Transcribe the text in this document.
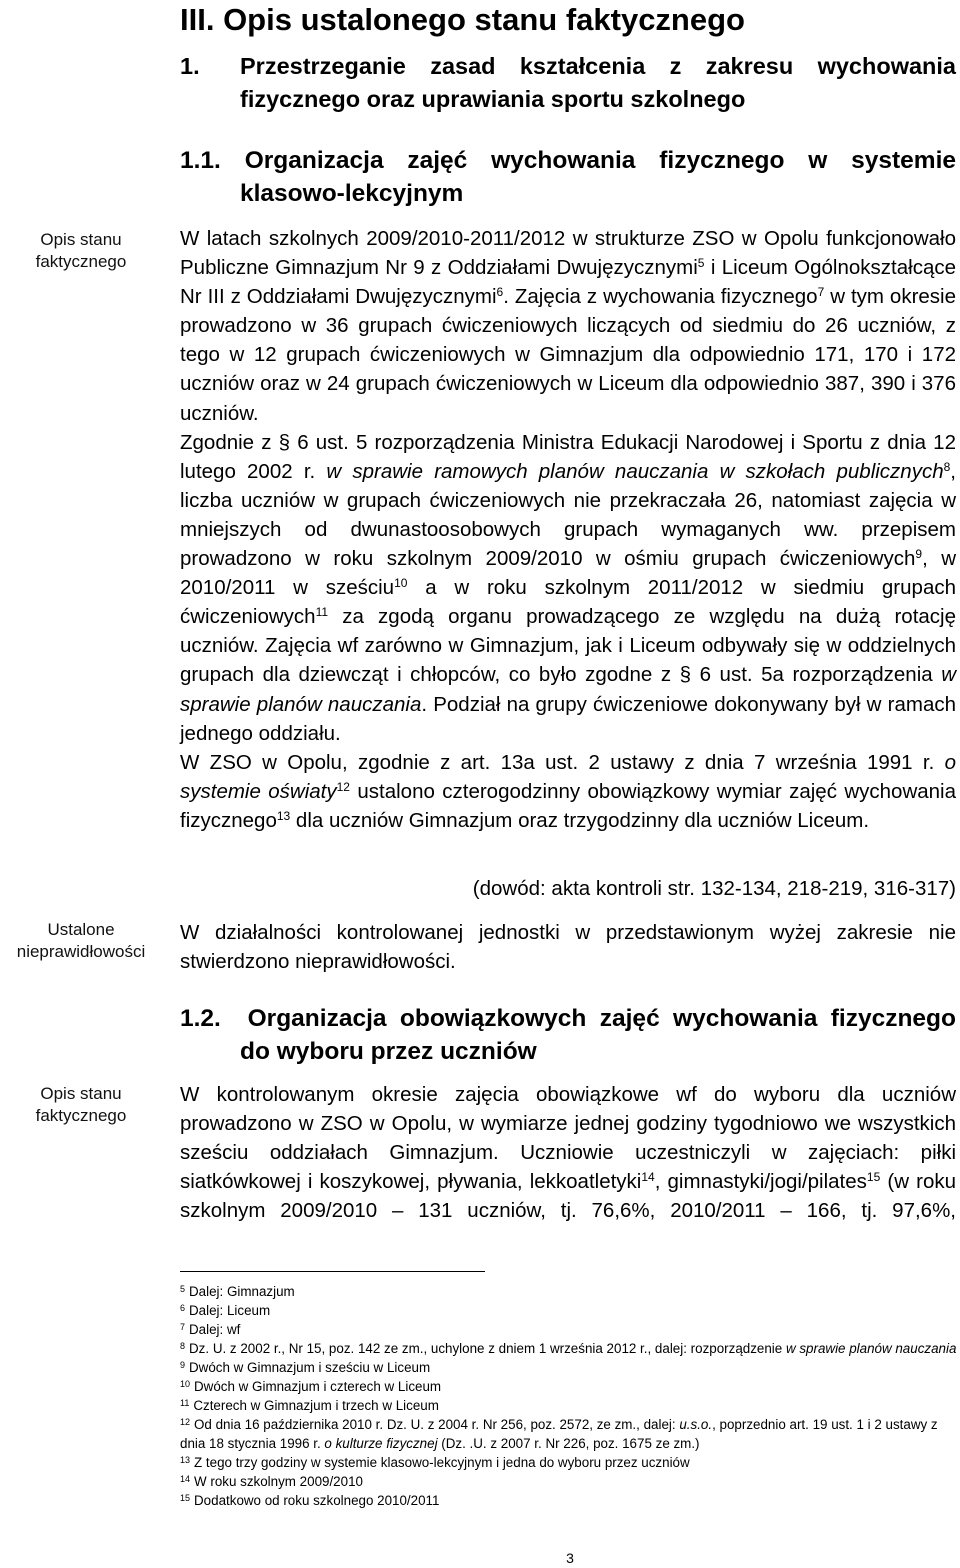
III. Opis ustalonego stanu faktycznego
1. Przestrzeganie zasad kształcenia z zakresu wychowania
fizycznego oraz uprawiania sportu szkolnego
1.1. Organizacja zajęć wychowania fizycznego w systemie
klasowo-lekcyjnym
Opis stanu
faktycznego
Ustalone
nieprawidłowości
Opis stanu
faktycznego

W latach szkolnych 2009/2010-2011/2012 w strukturze ZSO w Opolu funkcjonowało Publiczne Gimnazjum Nr 9 z Oddziałami Dwujęzycznymi$^5$ i Liceum Ogólnokształcące Nr III z Oddziałami Dwujęzycznymi$^6$. Zajęcia z wychowania fizycznego$^7$ w tym okresie prowadzono w 36 grupach ćwiczeniowych liczących od siedmiu do 26 uczniów, z tego w 12 grupach ćwiczeniowych w Gimnazjum dla odpowiednio 171, 170 i 172 uczniów oraz w 24 grupach ćwiczeniowych w Liceum dla odpowiednio 387, 390 i 376 uczniów.

Zgodnie z § 6 ust. 5 rozporządzenia Ministra Edukacji Narodowej i Sportu z dnia 12 lutego 2002 r. w sprawie ramowych planów nauczania w szkołach publicznych$^8$, liczba uczniów w grupach ćwiczeniowych nie przekraczała 26, natomiast zajęcia w mniejszych od dwunastoosobowych grupach wymaganych ww. przepisem prowadzono w roku szkolnym 2009/2010 w ośmiu grupach ćwiczeniowych$^9$, w 2010/2011 w sześciu$^{10}$ a w roku szkolnym 2011/2012 w siedmiu grupach ćwiczeniowych$^{11}$ za zgodą organu prowadzącego ze względu na dużą rotację uczniów. Zajęcia wf zarówno w Gimnazjum, jak i Liceum odbywały się w oddzielnych grupach dla dziewcząt i chłopców, co było zgodne z § 6 ust. 5a rozporządzenia w sprawie planów nauczania. Podział na grupy ćwiczeniowe dokonywany był w ramach jednego oddziału.

W ZSO w Opolu, zgodnie z art. 13a ust. 2 ustawy z dnia 7 września 1991 r. o systemie oświaty$^{12}$ ustalono czterogodzinny obowiązkowy wymiar zajęć wychowania fizycznego$^{13}$ dla uczniów Gimnazjum oraz trzygodzinny dla uczniów Liceum.

(dowód: akta kontroli str. 132-134, 218-219, 316-317)
W działalności kontrolowanej jednostki w przedstawionym wyżej zakresie nie stwierdzono nieprawidłowości.
1.2. Organizacja obowiązkowych zajęć wychowania fizycznego
do wyboru przez uczniów

W kontrolowanym okresie zajęcia obowiązkowe wf do wyboru dla uczniów prowadzono w ZSO w Opolu, w wymiarze jednej godziny tygodniowo we wszystkich sześciu oddziałach Gimnazjum. Uczniowie uczestniczyli w zajęciach: piłki siatkówkowej i koszykowej, pływania, lekkoatletyki$^{14}$, gimnastyki/jogi/pilates$^{15}$ (w roku szkolnym 2009/2010 – 131 uczniów, tj. 76,6%, 2010/2011 – 166, tj. 97,6%,

$^5$ Dalej: Gimnazjum

$^6$ Dalej: Liceum

$^7$ Dalej: wf

$^8$ Dz. U. z 2002 r., Nr 15, poz. 142 ze zm., uchylone z dniem 1 września 2012 r., dalej: rozporządzenie w sprawie planów nauczania

$^9$ Dwóch w Gimnazjum i sześciu w Liceum

$^{10}$ Dwóch w Gimnazjum i czterech w Liceum

$^{11}$ Czterech w Gimnazjum i trzech w Liceum

$^{12}$ Od dnia 16 października 2010 r. Dz. U. z 2004 r. Nr 256, poz. 2572, ze zm., dalej: u.s.o., poprzednio art. 19 ust. 1 i 2 ustawy z dnia 18 stycznia 1996 r. o kulturze fizycznej (Dz. .U. z 2007 r. Nr 226, poz. 1675 ze zm.)

$^{13}$ Z tego trzy godziny w systemie klasowo-lekcyjnym i jedna do wyboru przez uczniów

$^{14}$ W roku szkolnym 2009/2010

$^{15}$ Dodatkowo od roku szkolnego 2010/2011

3
